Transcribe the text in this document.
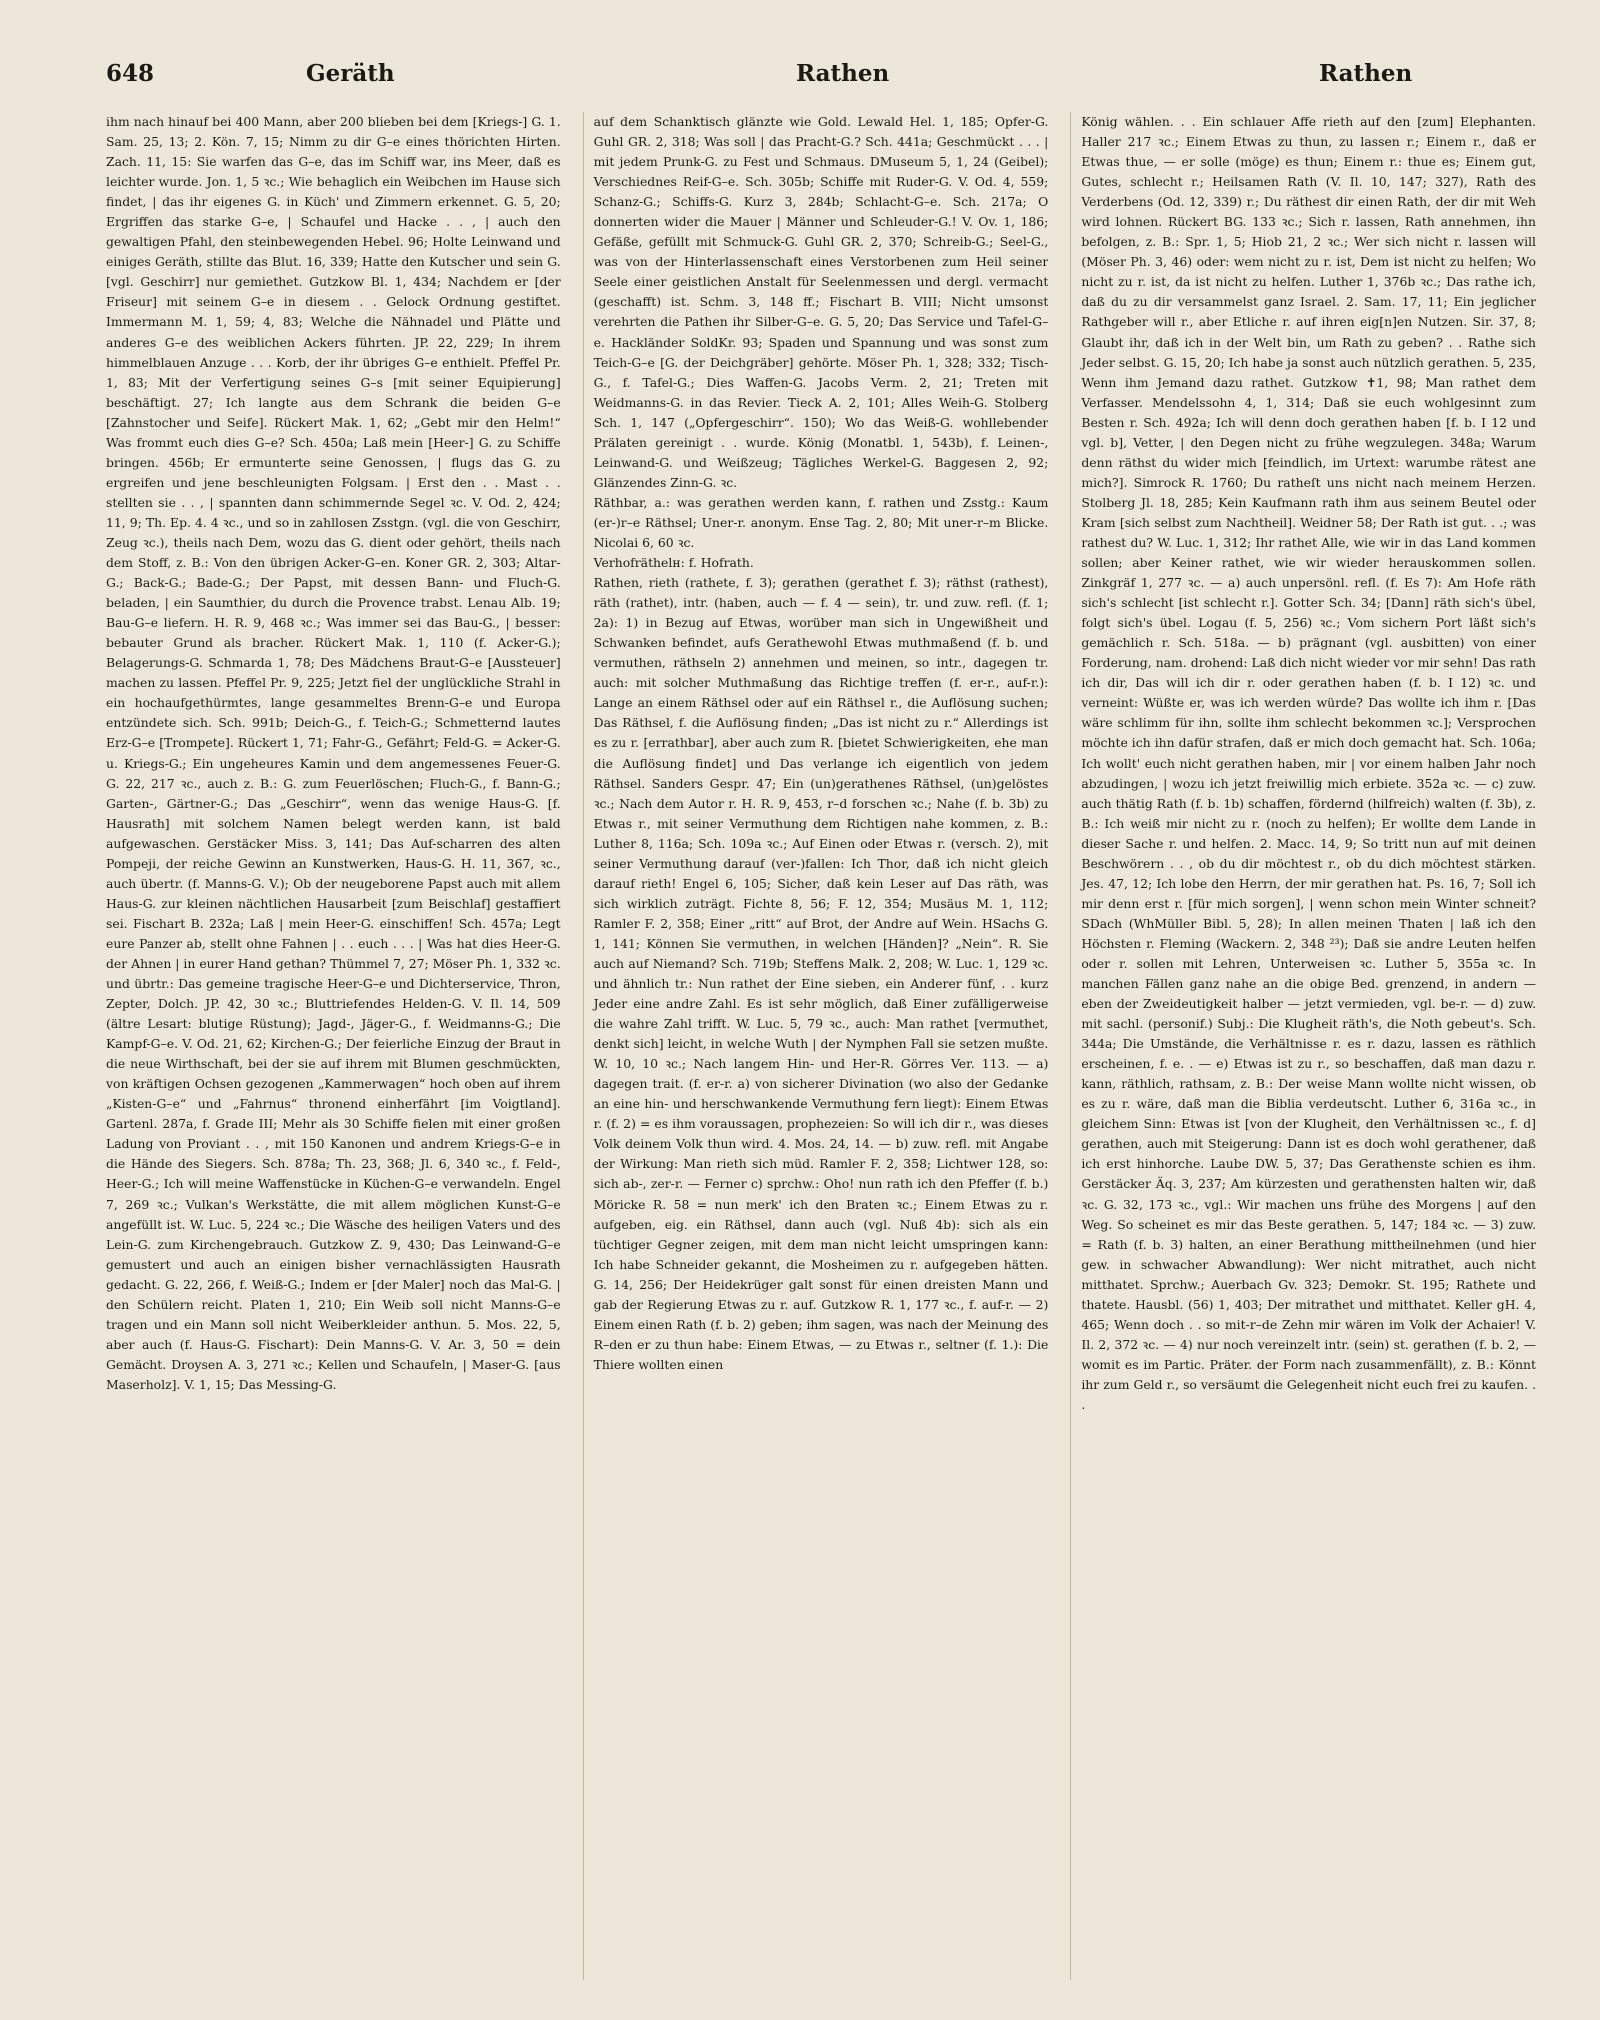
648	Geräth	Rathen	Rathen

ihm nach hinauf bei 400 Mann, aber 200 blieben bei dem [Kriegs-] G. 1. Sam. 25, 13; 2. Kön. 7, 15; Nimm zu dir G–e eines thörichten Hirten. Zach. 11, 15: Sie warfen das G–e, das im Schiff war, ins Meer, daß es leichter wurde. Jon. 1, 5 ꝛc.; Wie behaglich ein Weibchen im Hause sich findet, | das ihr eigenes G. in Küch' und Zimmern erkennet. G. 5, 20; Ergriffen das starke G–e, | Schaufel und Hacke . . , | auch den gewaltigen Pfahl, den steinbewegenden Hebel. 96; Holte Leinwand und einiges Geräth, stillte das Blut. 16, 339; Hatte den Kutscher und sein G. [vgl. Geschirr] nur gemiethet. Gutzkow Bl. 1, 434; Nachdem er [der Friseur] mit seinem G–e in diesem . . Gelock Ordnung gestiftet. Immermann M. 1, 59; 4, 83; Welche die Nähnadel und Plätte und anderes G–e des weiblichen Ackers führten. JP. 22, 229; In ihrem himmelblauen Anzuge . . . Korb, der ihr übriges G–e enthielt. Pfeffel Pr. 1, 83; Mit der Verfertigung seines G–s [mit seiner Equipierung] beschäftigt. 27; Ich langte aus dem Schrank die beiden G–e [Zahnstocher und Seife]. Rückert Mak. 1, 62; „Gebt mir den Helm!“ Was frommt euch dies G–e? Sch. 450a; Laß mein [Heer-] G. zu Schiffe bringen. 456b; Er ermunterte seine Genossen, | flugs das G. zu ergreifen und jene beschleunigten Folgsam. | Erst den . . Mast . . stellten sie . . , | spannten dann schimmernde Segel ꝛc. V. Od. 2, 424; 11, 9; Th. Ep. 4. 4 ꝛc., und so in zahllosen Zsstgn. (vgl. die von Geschirr, Zeug ꝛc.), theils nach Dem, wozu das G. dient oder gehört, theils nach dem Stoff, z. B.: Von den übrigen Acker-G–en. Koner GR. 2, 303; Altar-G.; Back-G.; Bade-G.; Der Papst, mit dessen Bann- und Fluch-G. beladen, | ein Saumthier, du durch die Provence trabst. Lenau Alb. 19; Bau-G–e liefern. H. R. 9, 468 ꝛc.; Was immer sei das Bau-G., | besser: bebauter Grund als bracher. Rückert Mak. 1, 110 (f. Acker-G.); Belagerungs-G. Schmarda 1, 78; Des Mädchens Braut-G–e [Aussteuer] machen zu lassen. Pfeffel Pr. 9, 225; Jetzt fiel der unglückliche Strahl in ein hochaufgethürmtes, lange gesammeltes Brenn-G–e und Europa entzündete sich. Sch. 991b; Deich-G., f. Teich-G.; Schmetternd lautes Erz-G–e [Trompete]. Rückert 1, 71; Fahr-G., Gefährt; Feld-G. = Acker-G. u. Kriegs-G.; Ein ungeheures Kamin und dem angemessenes Feuer-G. G. 22, 217 ꝛc., auch z. B.: G. zum Feuerlöschen; Fluch-G., f. Bann-G.; Garten-, Gärtner-G.; Das „Geschirr“, wenn das wenige Haus-G. [f. Hausrath] mit solchem Namen belegt werden kann, ist bald aufgewaschen. Gerstäcker Miss. 3, 141; Das Auf-scharren des alten Pompeji, der reiche Gewinn an Kunstwerken, Haus-G. H. 11, 367, ꝛc., auch übertr. (f. Manns-G. V.); Ob der neugeborene Papst auch mit allem Haus-G. zur kleinen nächtlichen Hausarbeit [zum Beischlaf] gestaffiert sei. Fischart B. 232a; Laß | mein Heer-G. einschiffen! Sch. 457a; Legt eure Panzer ab, stellt ohne Fahnen | . . euch . . . | Was hat dies Heer-G. der Ahnen | in eurer Hand gethan? Thümmel 7, 27; Möser Ph. 1, 332 ꝛc. und übrtr.: Das gemeine tragische Heer-G–e und Dichterservice, Thron, Zepter, Dolch. JP. 42, 30 ꝛc.; Bluttriefendes Helden-G. V. Il. 14, 509 (ältre Lesart: blutige Rüstung); Jagd-, Jäger-G., f. Weidmanns-G.; Die Kampf-G–e. V. Od. 21, 62; Kirchen-G.; Der feierliche Einzug der Braut in die neue Wirthschaft, bei der sie auf ihrem mit Blumen geschmückten, von kräftigen Ochsen gezogenen „Kammerwagen“ hoch oben auf ihrem „Kisten-G–e“ und „Fahrnus“ thronend einherfährt [im Voigtland]. Gartenl. 287a, f. Grade III; Mehr als 30 Schiffe fielen mit einer großen Ladung von Proviant . . , mit 150 Kanonen und andrem Kriegs-G–e in die Hände des Siegers. Sch. 878a; Th. 23, 368; Jl. 6, 340 ꝛc., f. Feld-, Heer-G.; Ich will meine Waffenstücke in Küchen-G–e verwandeln. Engel 7, 269 ꝛc.; Vulkan's Werkstätte, die mit allem möglichen Kunst-G–e angefüllt ist. W. Luc. 5, 224 ꝛc.; Die Wäsche des heiligen Vaters und des Lein-G. zum Kirchengebrauch. Gutzkow Z. 9, 430; Das Leinwand-G–e gemustert und auch an einigen bisher vernachlässigten Hausrath gedacht. G. 22, 266, f. Weiß-G.; Indem er [der Maler] noch das Mal-G. | den Schülern reicht. Platen 1, 210; Ein Weib soll nicht Manns-G–e tragen und ein Mann soll nicht Weiberkleider anthun. 5. Mos. 22, 5, aber auch (f. Haus-G. Fischart): Dein Manns-G. V. Ar. 3, 50 = dein Gemächt. Droysen A. 3, 271 ꝛc.; Kellen und Schaufeln, | Maser-G. [aus Maserholz]. V. 1, 15; Das Messing-G.

auf dem Schanktisch glänzte wie Gold. Lewald Hel. 1, 185; Opfer-G. Guhl GR. 2, 318; Was soll | das Pracht-G.? Sch. 441a; Geschmückt . . . | mit jedem Prunk-G. zu Fest und Schmaus. DMuseum 5, 1, 24 (Geibel); Verschiednes Reif-G–e. Sch. 305b; Schiffe mit Ruder-G. V. Od. 4, 559; Schanz-G.; Schiffs-G. Kurz 3, 284b; Schlacht-G–e. Sch. 217a; O donnerten wider die Mauer | Männer und Schleuder-G.! V. Ov. 1, 186; Gefäße, gefüllt mit Schmuck-G. Guhl GR. 2, 370; Schreib-G.; Seel-G., was von der Hinterlassenschaft eines Verstorbenen zum Heil seiner Seele einer geistlichen Anstalt für Seelenmessen und dergl. vermacht (geschafft) ist. Schm. 3, 148 ff.; Fischart B. VIII; Nicht umsonst verehrten die Pathen ihr Silber-G–e. G. 5, 20; Das Service und Tafel-G–e. Hackländer SoldKr. 93; Spaden und Spannung und was sonst zum Teich-G–e [G. der Deichgräber] gehörte. Möser Ph. 1, 328; 332; Tisch-G., f. Tafel-G.; Dies Waffen-G. Jacobs Verm. 2, 21; Treten mit Weidmanns-G. in das Revier. Tieck A. 2, 101; Alles Weih-G. Stolberg Sch. 1, 147 („Opfergeschirr“. 150); Wo das Weiß-G. wohllebender Prälaten gereinigt . . wurde. König (Monatbl. 1, 543b), f. Leinen-, Leinwand-G. und Weißzeug; Tägliches Werkel-G. Baggesen 2, 92; Glänzendes Zinn-G. ꝛc.

Räthbar, a.: was gerathen werden kann, f. rathen und Zsstg.: Kaum (er-)r–e Räthsel; Uner-r. anonym. Ense Tag. 2, 80; Mit uner-r–m Blicke. Nicolai 6, 60 ꝛc.

Verhofräthelн: f. Hofrath.

Rathen, rieth (rathete, f. 3); gerathen (gerathet f. 3); räthst (rathest), räth (rathet), intr. (haben, auch — f. 4 — sein), tr. und zuw. refl. (f. 1; 2a): 1) in Bezug auf Etwas, worüber man sich in Ungewißheit und Schwanken befindet, aufs Gerathewohl Etwas muthmaßend (f. b. und vermuthen, räthseln 2) annehmen und meinen, so intr., dagegen tr. auch: mit solcher Muthmaßung das Richtige treffen (f. er-r., auf-r.): Lange an einem Räthsel oder auf ein Räthsel r., die Auflösung suchen; Das Räthsel, f. die Auflösung finden; „Das ist nicht zu r.“ Allerdings ist es zu r. [errathbar], aber auch zum R. [bietet Schwierigkeiten, ehe man die Auflösung findet] und Das verlange ich eigentlich von jedem Räthsel. Sanders Gespr. 47; Ein (un)gerathenes Räthsel, (un)gelöstes ꝛc.; Nach dem Autor r. H. R. 9, 453, r–d forschen ꝛc.; Nahe (f. b. 3b) zu Etwas r., mit seiner Vermuthung dem Richtigen nahe kommen, z. B.: Luther 8, 116a; Sch. 109a ꝛc.; Auf Einen oder Etwas r. (versch. 2), mit seiner Vermuthung darauf (ver-)fallen: Ich Thor, daß ich nicht gleich darauf rieth! Engel 6, 105; Sicher, daß kein Leser auf Das räth, was sich wirklich zuträgt. Fichte 8, 56; F. 12, 354; Musäus M. 1, 112; Ramler F. 2, 358; Einer „ritt“ auf Brot, der Andre auf Wein. HSachs G. 1, 141; Können Sie vermuthen, in welchen [Händen]? „Nein“. R. Sie auch auf Niemand? Sch. 719b; Steffens Malk. 2, 208; W. Luc. 1, 129 ꝛc. und ähnlich tr.: Nun rathet der Eine sieben, ein Anderer fünf, . . kurz Jeder eine andre Zahl. Es ist sehr möglich, daß Einer zufälligerweise die wahre Zahl trifft. W. Luc. 5, 79 ꝛc., auch: Man rathet [vermuthet, denkt sich] leicht, in welche Wuth | der Nymphen Fall sie setzen mußte. W. 10, 10 ꝛc.; Nach langem Hin- und Her-R. Görres Ver. 113. — a) dagegen trait. (f. er-r. a) von sicherer Divination (wo also der Gedanke an eine hin- und herschwankende Vermuthung fern liegt): Einem Etwas r. (f. 2) = es ihm voraussagen, prophezeien: So will ich dir r., was dieses Volk deinem Volk thun wird. 4. Mos. 24, 14. — b) zuw. refl. mit Angabe der Wirkung: Man rieth sich müd. Ramler F. 2, 358; Lichtwer 128, so: sich ab-, zer-r. — Ferner c) sprchw.: Oho! nun rath ich den Pfeffer (f. b.) Möricke R. 58 = nun merk' ich den Braten ꝛc.; Einem Etwas zu r. aufgeben, eig. ein Räthsel, dann auch (vgl. Nuß 4b): sich als ein tüchtiger Gegner zeigen, mit dem man nicht leicht umspringen kann: Ich habe Schneider gekannt, die Mosheimen zu r. aufgegeben hätten. G. 14, 256; Der Heidekrüger galt sonst für einen dreisten Mann und gab der Regierung Etwas zu r. auf. Gutzkow R. 1, 177 ꝛc., f. auf-r. — 2) Einem einen Rath (f. b. 2) geben; ihm sagen, was nach der Meinung des R–den er zu thun habe: Einem Etwas, — zu Etwas r., seltner (f. 1.): Die Thiere wollten einen

König wählen. . . Ein schlauer Affe rieth auf den [zum] Elephanten. Haller 217 ꝛc.; Einem Etwas zu thun, zu lassen r.; Einem r., daß er Etwas thue, — er solle (möge) es thun; Einem r.: thue es; Einem gut, Gutes, schlecht r.; Heilsamen Rath (V. Il. 10, 147; 327), Rath des Verderbens (Od. 12, 339) r.; Du räthest dir einen Rath, der dir mit Weh wird lohnen. Rückert BG. 133 ꝛc.; Sich r. lassen, Rath annehmen, ihn befolgen, z. B.: Spr. 1, 5; Hiob 21, 2 ꝛc.; Wer sich nicht r. lassen will (Möser Ph. 3, 46) oder: wem nicht zu r. ist, Dem ist nicht zu helfen; Wo nicht zu r. ist, da ist nicht zu helfen. Luther 1, 376b ꝛc.; Das rathe ich, daß du zu dir versammelst ganz Israel. 2. Sam. 17, 11; Ein jeglicher Rathgeber will r., aber Etliche r. auf ihren eig[n]en Nutzen. Sir. 37, 8; Glaubt ihr, daß ich in der Welt bin, um Rath zu geben? . . Rathe sich Jeder selbst. G. 15, 20; Ich habe ja sonst auch nützlich gerathen. 5, 235, Wenn ihm Jemand dazu rathet. Gutzkow ✝1, 98; Man rathet dem Verfasser. Mendelssohn 4, 1, 314; Daß sie euch wohlgesinnt zum Besten r. Sch. 492a; Ich will denn doch gerathen haben [f. b. I 12 und vgl. b], Vetter, | den Degen nicht zu frühe wegzulegen. 348a; Warum denn räthst du wider mich [feindlich, im Urtext: warumbe rätest ane mich?]. Simrock R. 1760; Du ratheſt uns nicht nach meinem Herzen. Stolberg Jl. 18, 285; Kein Kaufmann rath ihm aus seinem Beutel oder Kram [sich selbst zum Nachtheil]. Weidner 58; Der Rath ist gut. . .; was rathest du? W. Luc. 1, 312; Ihr rathet Alle, wie wir in das Land kommen sollen; aber Keiner rathet, wie wir wieder herauskommen sollen. Zinkgräf 1, 277 ꝛc. — a) auch unpersönl. refl. (f. Es 7): Am Hofe räth sich's schlecht [ist schlecht r.]. Gotter Sch. 34; [Dann] räth sich's übel, folgt sich's übel. Logau (f. 5, 256) ꝛc.; Vom sichern Port läßt sich's gemächlich r. Sch. 518a. — b) prägnant (vgl. ausbitten) von einer Forderung, nam. drohend: Laß dich nicht wieder vor mir sehn! Das rath ich dir, Das will ich dir r. oder gerathen haben (f. b. I 12) ꝛc. und verneint: Wüßte er, was ich werden würde? Das wollte ich ihm r. [Das wäre schlimm für ihn, sollte ihm schlecht bekommen ꝛc.]; Versprochen möchte ich ihn dafür strafen, daß er mich doch gemacht hat. Sch. 106a; Ich wollt' euch nicht gerathen haben, mir | vor einem halben Jahr noch abzudingen, | wozu ich jetzt freiwillig mich erbiete. 352a ꝛc. — c) zuw. auch thätig Rath (f. b. 1b) schaffen, fördernd (hilfreich) walten (f. 3b), z. B.: Ich weiß mir nicht zu r. (noch zu helfen); Er wollte dem Lande in dieser Sache r. und helfen. 2. Macc. 14, 9; So tritt nun auf mit deinen Beschwörern . . , ob du dir möchtest r., ob du dich möchtest stärken. Jes. 47, 12; Ich lobe den Herrn, der mir gerathen hat. Ps. 16, 7; Soll ich mir denn erst r. [für mich sorgen], | wenn schon mein Winter schneit? SDach (WhMüller Bibl. 5, 28); In allen meinen Thaten | laß ich den Höchsten r. Fleming (Wackern. 2, 348 ²³); Daß sie andre Leuten helfen oder r. sollen mit Lehren, Unterweisen ꝛc. Luther 5, 355a ꝛc. In manchen Fällen ganz nahe an die obige Bed. grenzend, in andern — eben der Zweideutigkeit halber — jetzt vermieden, vgl. be-r. — d) zuw. mit sachl. (personif.) Subj.: Die Klugheit räth's, die Noth gebeut's. Sch. 344a; Die Umstände, die Verhältnisse r. es r. dazu, lassen es räthlich erscheinen, f. e. . — e) Etwas ist zu r., so beschaffen, daß man dazu r. kann, räthlich, rathsam, z. B.: Der weise Mann wollte nicht wissen, ob es zu r. wäre, daß man die Biblia verdeutscht. Luther 6, 316a ꝛc., in gleichem Sinn: Etwas ist [von der Klugheit, den Verhältnissen ꝛc., f. d] gerathen, auch mit Steigerung: Dann ist es doch wohl gerathener, daß ich erst hinhorche. Laube DW. 5, 37; Das Gerathenste schien es ihm. Gerstäcker Äq. 3, 237; Am kürzesten und gerathensten halten wir, daß ꝛc. G. 32, 173 ꝛc., vgl.: Wir machen uns frühe des Morgens | auf den Weg. So scheinet es mir das Beste gerathen. 5, 147; 184 ꝛc. — 3) zuw. = Rath (f. b. 3) halten, an einer Berathung mittheilnehmen (und hier gew. in schwacher Abwandlung): Wer nicht mitrathet, auch nicht mitthatet. Sprchw.; Auerbach Gv. 323; Demokr. St. 195; Rathete und thatete. Hausbl. (56) 1, 403; Der mitrathet und mitthatet. Keller gH. 4, 465; Wenn doch . . so mit-r–de Zehn mir wären im Volk der Achaier! V. Il. 2, 372 ꝛc. — 4) nur noch vereinzelt intr. (sein) st. gerathen (f. b. 2, — womit es im Partic. Präter. der Form nach zusammenfällt), z. B.: Könnt ihr zum Geld r., so versäumt die Gelegenheit nicht euch frei zu kaufen. . .
